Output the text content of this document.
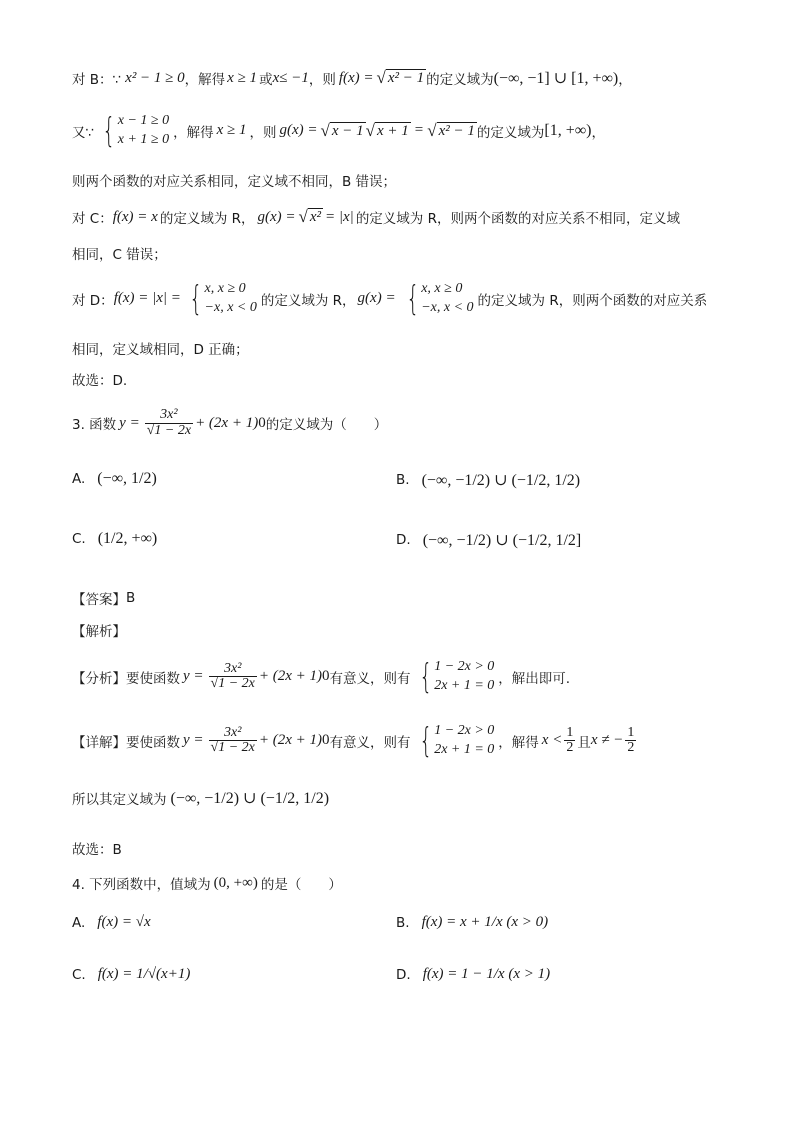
对 B：∵ x² − 1 ≥ 0 ，解得 x ≥ 1 或 x≤ −1 ，则 f(x) = √ x² − 1 的定义域为 (−∞, −1] ∪ [1, +∞) ，
又∵ { x − 1 ≥ 0
x + 1 ≥ 0 ，解得 x ≥ 1 ，则 g(x) = √ x − 1 √ x + 1 = √ x² − 1 的定义域为 [1, +∞) ，
则两个函数的对应关系相同，定义域不相同，B 错误；
对 C： f(x) = x 的定义域为 R， g(x) = √ x² = |x| 的定义域为 R，则两个函数的对应关系不相同，定义域
相同，C 错误；
对 D： f(x) = |x| = { x, x ≥ 0
−x, x < 0 的定义域为 R， g(x) = { x, x ≥ 0
−x, x < 0 的定义域为 R，则两个函数的对应关系
相同，定义域相同，D 正确；
故选：D.
3. 函数 $y = \frac{\text{3x²}}{√ 1 - 2x} + (2x + 1)$ 0 的定义域为（　　）
A. (−∞, 1/2)	B. (−∞, −1/2) ∪ (−1/2, 1/2)
C. (1/2, +∞)	D. (−∞, −1/2) ∪ (−1/2, 1/2]
【答案】 B
【解析】
【分析】 要使函数 $y = \frac{\text{3x²}}{√ 1 - 2x} + (2x + 1)$ 0 有意义，则有 { 1 − 2x > 0
2x + 1 = 0 ，解出即可.
【详解】 要使函数 $y = \frac{\text{3x²}}{√ 1 - 2x} + (2x + 1)$ 0 有意义，则有 { 1 − 2x > 0
2x + 1 = 0 ，解得 $x < \frac{1}{2}$ 且 x ≠ − $\frac{1}{2}$
所以其定义域为 (−∞, −1/2) ∪ (−1/2, 1/2)
故选：B
4. 下列函数中，值域为 (0, +∞) 的是（　　）
A. f(x) = √x	B. f(x) = x + 1/x (x > 0)
C. f(x) = 1/√(x+1)	D. f(x) = 1 − 1/x (x > 1)
